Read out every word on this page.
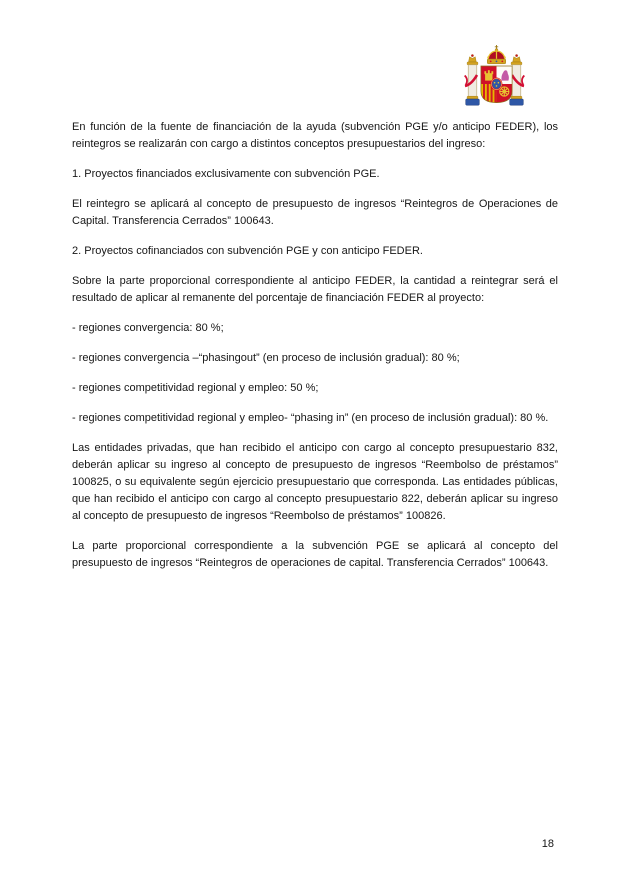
En función de la fuente de financiación de la ayuda (subvención PGE y/o anticipo FEDER), los reintegros se realizarán con cargo a distintos conceptos presupuestarios del ingreso:

1. Proyectos financiados exclusivamente con subvención PGE.

El reintegro se aplicará al concepto de presupuesto de ingresos “Reintegros de Operaciones de Capital. Transferencia Cerrados” 100643.

2. Proyectos cofinanciados con subvención PGE y con anticipo FEDER.

Sobre la parte proporcional correspondiente al anticipo FEDER, la cantidad a reintegrar será el resultado de aplicar al remanente del porcentaje de financiación FEDER al proyecto:

- regiones convergencia: 80 %;

- regiones convergencia –“phasingout” (en proceso de inclusión gradual): 80 %;

- regiones competitividad regional y empleo: 50 %;

- regiones competitividad regional y empleo- “phasing in” (en proceso de inclusión gradual): 80 %.

Las entidades privadas, que han recibido el anticipo con cargo al concepto presupuestario 832, deberán aplicar su ingreso al concepto de presupuesto de ingresos “Reembolso de préstamos” 100825, o su equivalente según ejercicio presupuestario que corresponda. Las entidades públicas, que han recibido el anticipo con cargo al concepto presupuestario 822, deberán aplicar su ingreso al concepto de presupuesto de ingresos “Reembolso de préstamos” 100826.

La parte proporcional correspondiente a la subvención PGE se aplicará al concepto del presupuesto de ingresos “Reintegros de operaciones de capital. Transferencia Cerrados” 100643.

18
